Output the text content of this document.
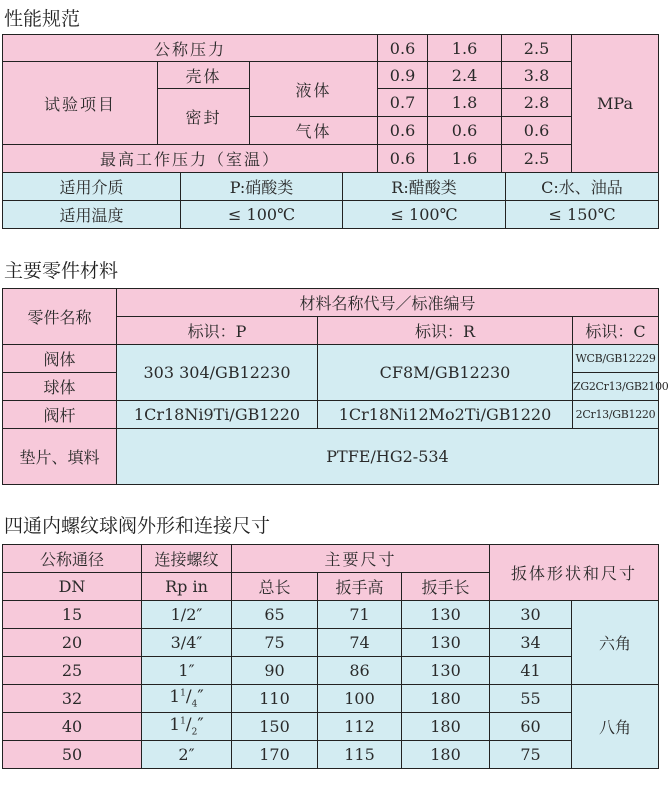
性能规范
公称压力			0.6	1.6	2.5	MPa
试验项目	壳体	液体	0.9	2.4	3.8	
	密封		0.7	1.8	2.8	
		气体	0.6	0.6	0.6	
最高工作压力（室温）			0.6	1.6	2.5	
适用介质	P:硝酸类	R:醋酸类	C:水、油品
适用温度	≤ 100℃	≤ 100℃	≤ 150℃
主要零件材料
零件名称	材料名称代号／标准编号		
	标识：P	标识：R	标识：C
阀体	303 304/GB12230	CF8M/GB12230	WCB/GB12229
球体			ZG2Cr13/GB2100
阀杆	1Cr18Ni9Ti/GB1220	1Cr18Ni12Mo2Ti/GB1220	2Cr13/GB1220
垫片、填料	PTFE/HG2-534		
四通内螺纹球阀外形和连接尺寸
公称通径	连接螺纹	主要尺寸			扳体形状和尺寸	
DN	Rp in	总长	扳手高	扳手长		
15	1/2″	65	71	130	30	六角
20	3/4″	75	74	130	34	
25	1″	90	86	130	41	
32	$1^1/_4''$	110	100	180	55	八角
40	$1^1/_2''$	150	112	180	60	
50	2″	170	115	180	75	
